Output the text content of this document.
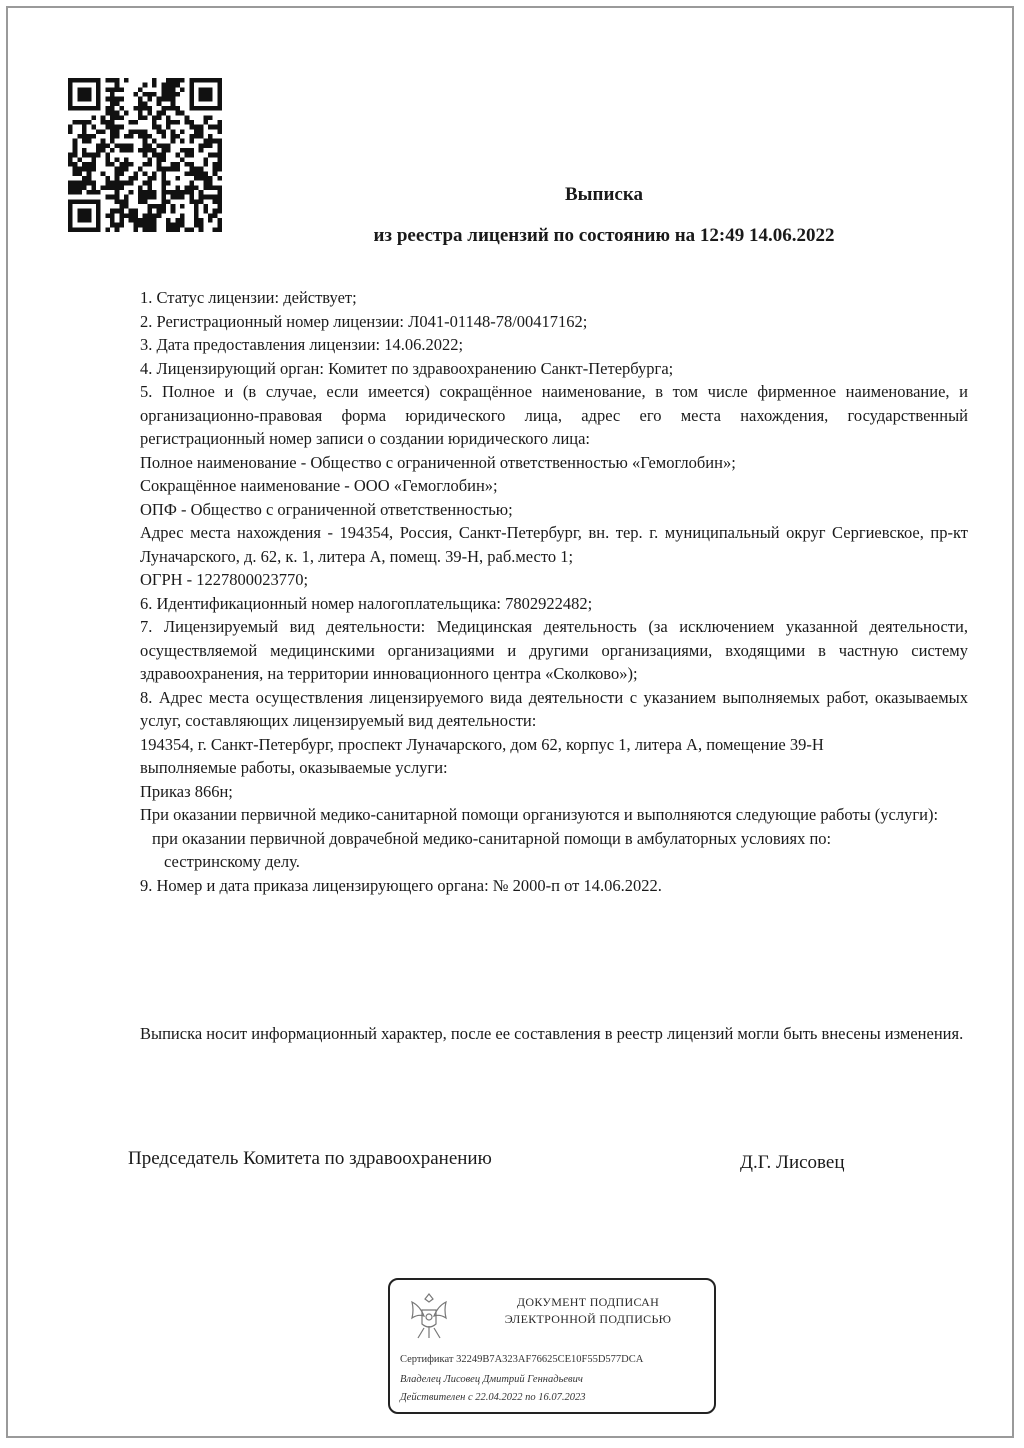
Выписка
из реестра лицензий по состоянию на 12:49 14.06.2022

1. Статус лицензии: действует;

2. Регистрационный номер лицензии: Л041-01148-78/00417162;

3. Дата предоставления лицензии: 14.06.2022;

4. Лицензирующий орган: Комитет по здравоохранению Санкт-Петербурга;

5. Полное и (в случае, если имеется) сокращённое наименование, в том числе фирменное наименование, и организационно-правовая форма юридического лица, адрес его места нахождения, государственный регистрационный номер записи о создании юридического лица:

Полное наименование - Общество с ограниченной ответственностью «Гемоглобин»;

Сокращённое наименование - ООО «Гемоглобин»;

ОПФ - Общество с ограниченной ответственностью;

Адрес места нахождения - 194354, Россия, Санкт-Петербург, вн. тер. г. муниципальный округ Сергиевское, пр-кт Луначарского, д. 62, к. 1, литера А, помещ. 39-Н, раб.место 1;

ОГРН - 1227800023770;

6. Идентификационный номер налогоплательщика: 7802922482;

7. Лицензируемый вид деятельности: Медицинская деятельность (за исключением указанной деятельности, осуществляемой медицинскими организациями и другими организациями, входящими в частную систему здравоохранения, на территории инновационного центра «Сколково»);

8. Адрес места осуществления лицензируемого вида деятельности с указанием выполняемых работ, оказываемых услуг, составляющих лицензируемый вид деятельности:

194354, г. Санкт-Петербург, проспект Луначарского, дом 62, корпус 1, литера А, помещение 39-Н

выполняемые работы, оказываемые услуги:

Приказ 866н;

При оказании первичной медико-санитарной помощи организуются и выполняются следующие работы (услуги):

при оказании первичной доврачебной медико-санитарной помощи в амбулаторных условиях по:

сестринскому делу.

9. Номер и дата приказа лицензирующего органа: № 2000-п от 14.06.2022.

Выписка носит информационный характер, после ее составления в реестр лицензий могли быть внесены изменения.
Председатель Комитета по здравоохранению	Д.Г. Лисовец
ДОКУМЕНТ ПОДПИСАН
ЭЛЕКТРОННОЙ ПОДПИСЬЮ
Сертификат 32249B7A323AF76625CE10F55D577DCA
Владелец Лисовец Дмитрий Геннадьевич
Действителен с 22.04.2022 по 16.07.2023
